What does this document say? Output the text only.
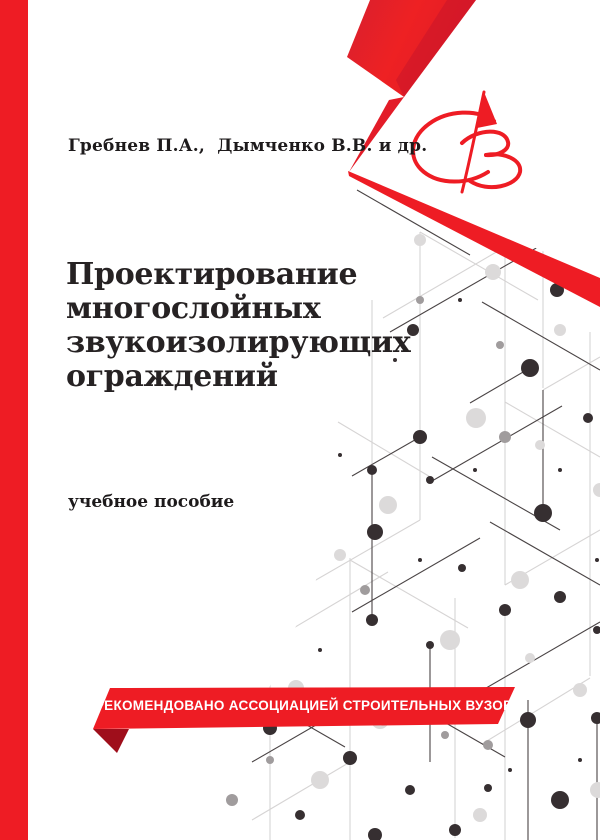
Гребнев П.А.,  Дымченко В.В. и др.
Проектирование
многослойных
звукоизолирующих
ограждений
учебное пособие
РЕКОМЕНДОВАНО АССОЦИАЦИЕЙ СТРОИТЕЛЬНЫХ ВУЗОВ
